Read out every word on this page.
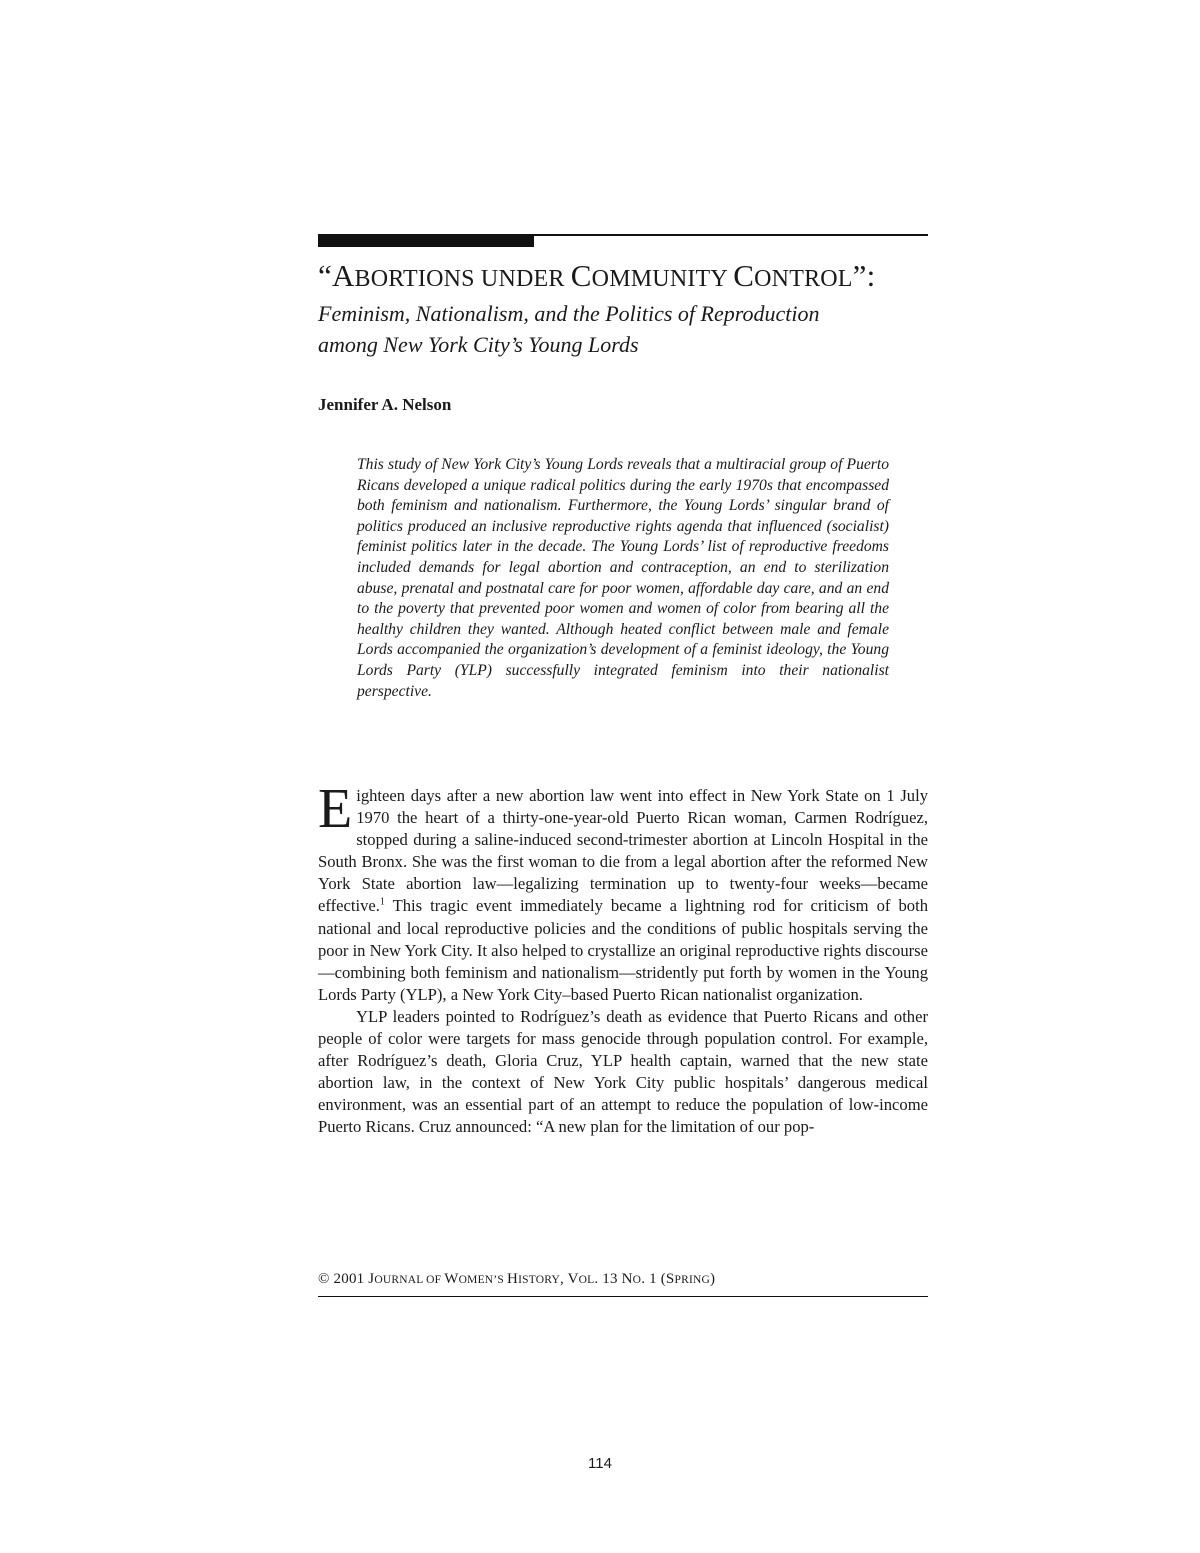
“ABORTIONS UNDER COMMUNITY CONTROL”:
Feminism, Nationalism, and the Politics of Reproduction
among New York City’s Young Lords
Jennifer A. Nelson
This study of New York City’s Young Lords reveals that a multiracial group of Puerto Ricans developed a unique radical politics during the early 1970s that encompassed both feminism and nationalism. Furthermore, the Young Lords’ singular brand of politics produced an inclusive reproductive rights agenda that influenced (socialist) feminist politics later in the decade. The Young Lords’ list of reproductive freedoms included demands for legal abortion and contraception, an end to sterilization abuse, prenatal and postnatal care for poor women, affordable day care, and an end to the poverty that prevented poor women and women of color from bearing all the healthy children they wanted. Although heated conflict between male and female Lords accompanied the organization’s development of a feminist ideology, the Young Lords Party (YLP) successfully integrated feminism into their nationalist perspective.

Eighteen days after a new abortion law went into effect in New York State on 1 July 1970 the heart of a thirty-one-year-old Puerto Rican woman, Carmen Rodríguez, stopped during a saline-induced second-trimester abortion at Lincoln Hospital in the South Bronx. She was the first woman to die from a legal abortion after the reformed New York State abortion law—legalizing termination up to twenty-four weeks—became effective.$^1$ This tragic event immediately became a lightning rod for criticism of both national and local reproductive policies and the conditions of public hospitals serving the poor in New York City. It also helped to crystallize an original reproductive rights discourse—combining both feminism and nationalism—stridently put forth by women in the Young Lords Party (YLP), a New York City–based Puerto Rican nationalist organization.

YLP leaders pointed to Rodríguez’s death as evidence that Puerto Ricans and other people of color were targets for mass genocide through population control. For example, after Rodríguez’s death, Gloria Cruz, YLP health captain, warned that the new state abortion law, in the context of New York City public hospitals’ dangerous medical environment, was an essential part of an attempt to reduce the population of low-income Puerto Ricans. Cruz announced: “A new plan for the limitation of our pop-

© 2001 JOURNAL OF WOMEN’S HISTORY, VOL. 13 NO. 1 (SPRING)
114
